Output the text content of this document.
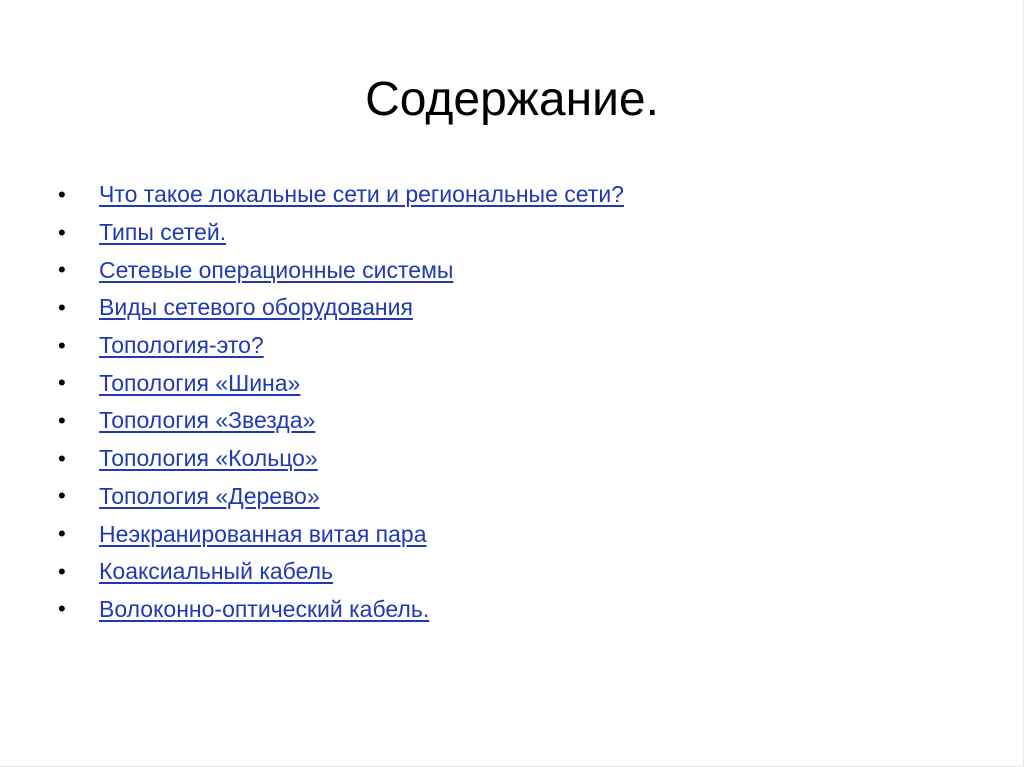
Содержание.
•	Что такое локальные сети и региональные сети?
•	Типы сетей.
•	Сетевые операционные системы
•	Виды сетевого оборудования
•	Топология-это?
•	Топология «Шина»
•	Топология «Звезда»
•	Топология «Кольцо»
•	Топология «Дерево»
•	Неэкранированная витая пара
•	Коаксиальный кабель
•	Волоконно-оптический кабель.
